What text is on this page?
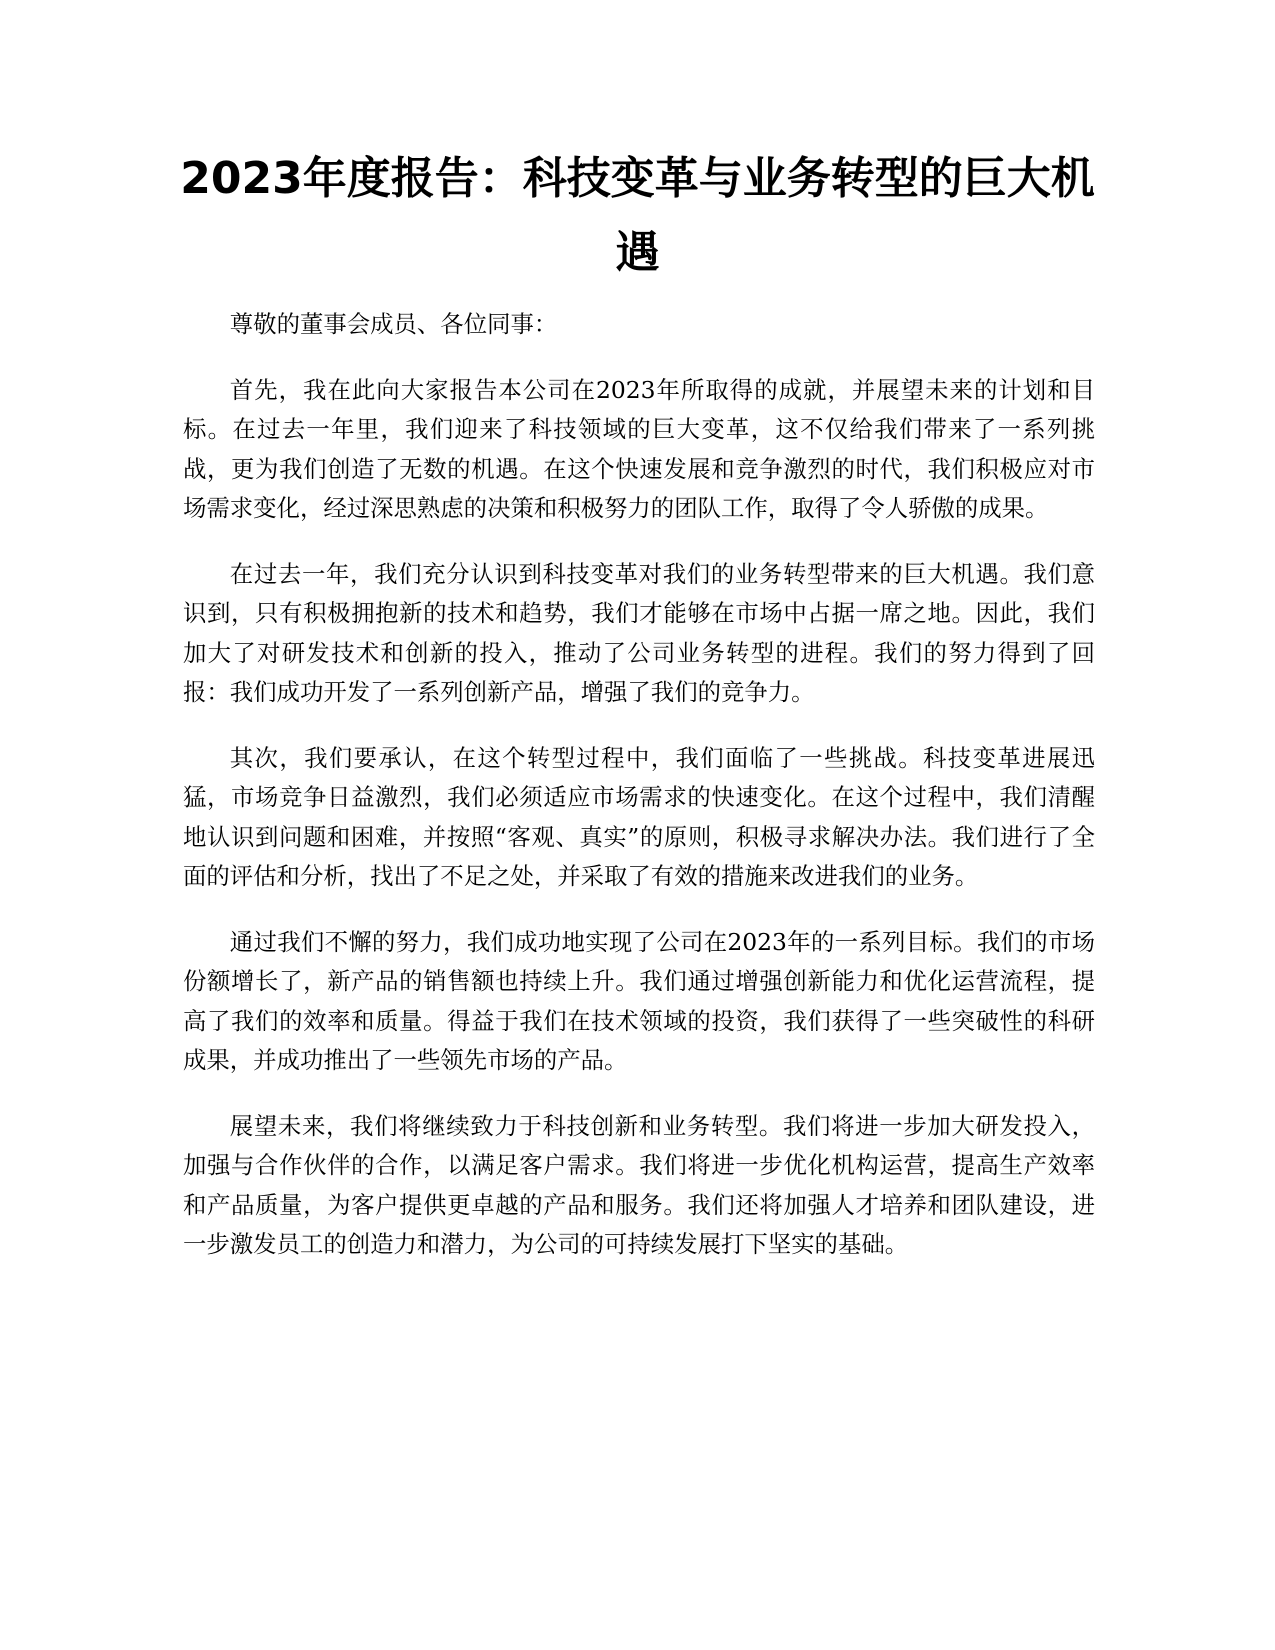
2023年度报告：科技变革与业务转型的巨大机遇

尊敬的董事会成员、各位同事：

首先，我在此向大家报告本公司在2023年所取得的成就，并展望未来的计划和目标。在过去一年里，我们迎来了科技领域的巨大变革，这不仅给我们带来了一系列挑战，更为我们创造了无数的机遇。在这个快速发展和竞争激烈的时代，我们积极应对市场需求变化，经过深思熟虑的决策和积极努力的团队工作，取得了令人骄傲的成果。

在过去一年，我们充分认识到科技变革对我们的业务转型带来的巨大机遇。我们意识到，只有积极拥抱新的技术和趋势，我们才能够在市场中占据一席之地。因此，我们加大了对研发技术和创新的投入，推动了公司业务转型的进程。我们的努力得到了回报：我们成功开发了一系列创新产品，增强了我们的竞争力。

其次，我们要承认，在这个转型过程中，我们面临了一些挑战。科技变革进展迅猛，市场竞争日益激烈，我们必须适应市场需求的快速变化。在这个过程中，我们清醒地认识到问题和困难，并按照“客观、真实”的原则，积极寻求解决办法。我们进行了全面的评估和分析，找出了不足之处，并采取了有效的措施来改进我们的业务。

通过我们不懈的努力，我们成功地实现了公司在2023年的一系列目标。我们的市场份额增长了，新产品的销售额也持续上升。我们通过增强创新能力和优化运营流程，提高了我们的效率和质量。得益于我们在技术领域的投资，我们获得了一些突破性的科研成果，并成功推出了一些领先市场的产品。

展望未来，我们将继续致力于科技创新和业务转型。我们将进一步加大研发投入，加强与合作伙伴的合作，以满足客户需求。我们将进一步优化机构运营，提高生产效率和产品质量，为客户提供更卓越的产品和服务。我们还将加强人才培养和团队建设，进一步激发员工的创造力和潜力，为公司的可持续发展打下坚实的基础。
